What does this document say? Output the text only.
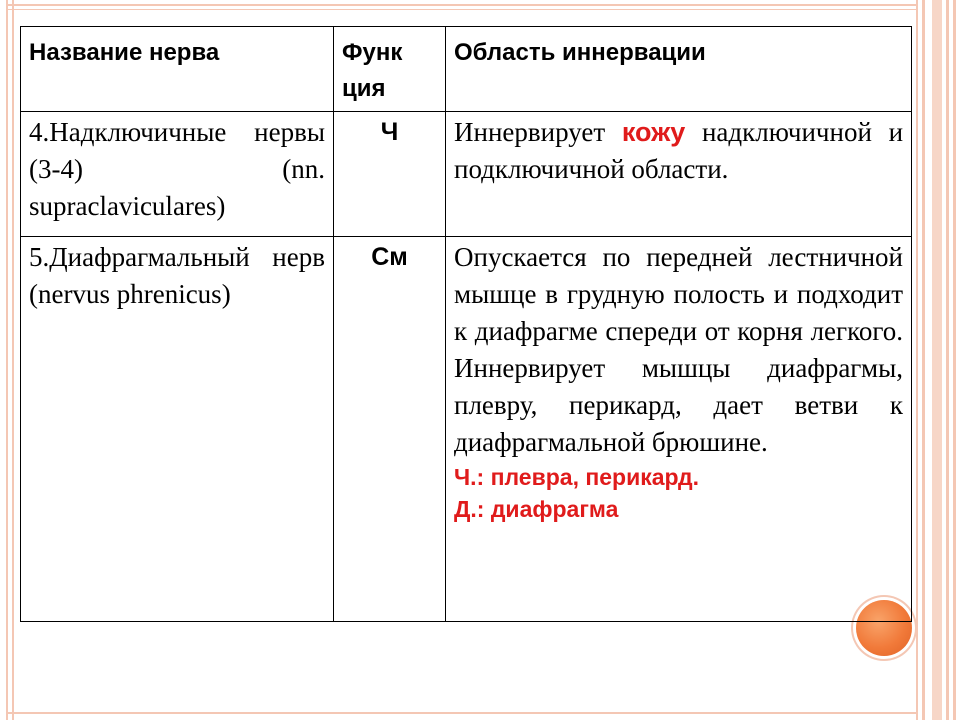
Название нерва	Функ ция	Область иннервации
4.Надключичные нервы (3-4) (nn. supraclaviculares)	Ч	Иннервирует кожу надключичной и подключичной области.
5.Диафрагмальный нерв (nervus phrenicus)	См	Опускается по передней лестничной мышце в грудную полость и подходит к диафрагме спереди от корня легкого. Иннервирует мышцы диафрагмы, плевру, перикард, дает ветви к диафрагмальной брюшине.
Ч.: плевра, перикард.
Д.: диафрагма
